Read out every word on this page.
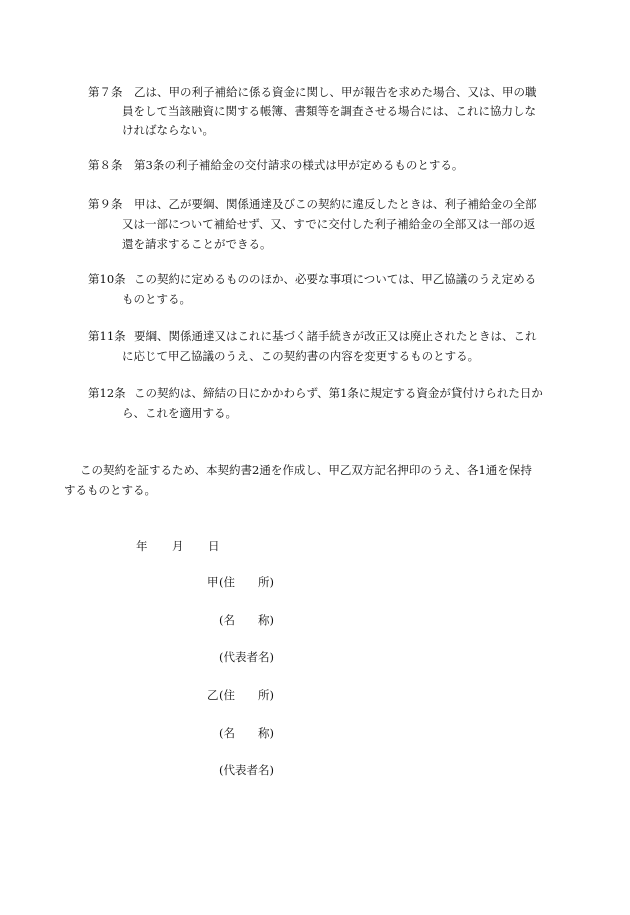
第７条 乙は、甲の利子補給に係る資金に関し、甲が報告を求めた場合、又は、甲の職
員をして当該融資に関する帳簿、書類等を調査させる場合には、これに協力しな
ければならない。
第８条 第3条の利子補給金の交付請求の様式は甲が定めるものとする。
第９条 甲は、乙が要綱、関係通達及びこの契約に違反したときは、利子補給金の全部
又は一部について補給せず、又、すでに交付した利子補給金の全部又は一部の返
還を請求することができる。
第10条 この契約に定めるもののほか、必要な事項については、甲乙協議のうえ定める
ものとする。
第11条 要綱、関係通達又はこれに基づく諸手続きが改正又は廃止されたときは、これ
に応じて甲乙協議のうえ、この契約書の内容を変更するものとする。
第12条 この契約は、締結の日にかかわらず、第1条に規定する資金が貸付けられた日か
ら、これを適用する。
この契約を証するため、本契約書2通を作成し、甲乙双方記名押印のうえ、各1通を保持
するものとする。
年 月 日
甲 (住　　所)
(名　　称)
(代表者名)
乙 (住　　所)
(名　　称)
(代表者名)
